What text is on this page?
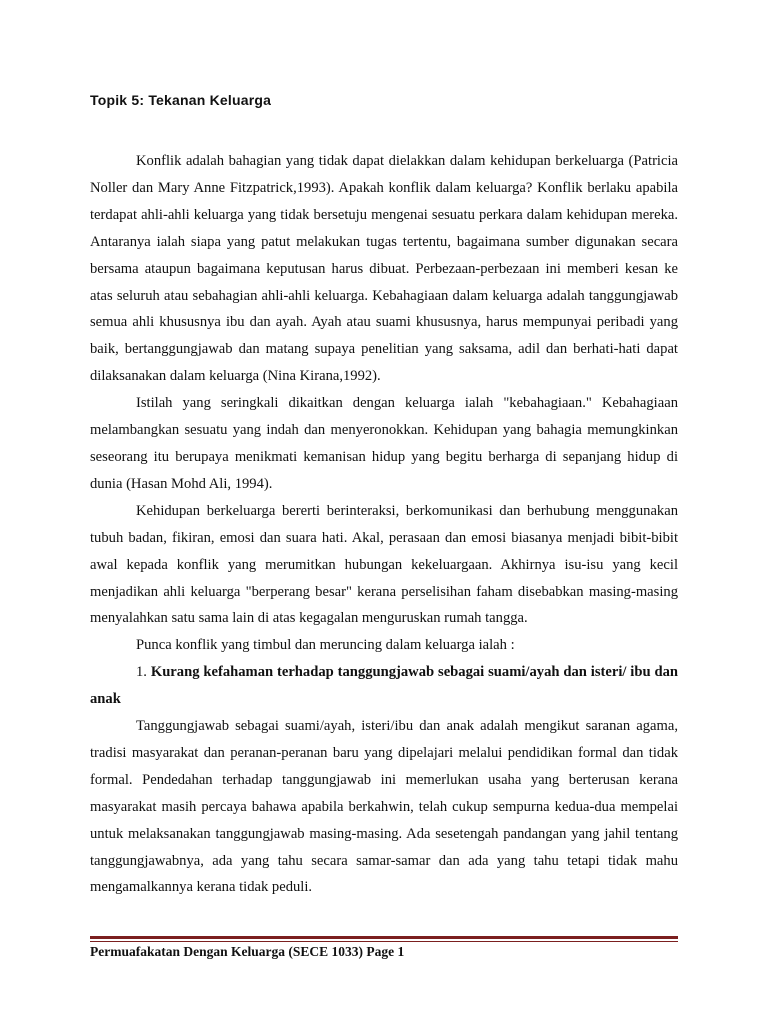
Topik 5: Tekanan Keluarga

Konflik adalah bahagian yang tidak dapat dielakkan dalam kehidupan berkeluarga (Patricia Noller dan Mary Anne Fitzpatrick,1993). Apakah konflik dalam keluarga? Konflik berlaku apabila terdapat ahli-ahli keluarga yang tidak bersetuju mengenai sesuatu perkara dalam kehidupan mereka. Antaranya ialah siapa yang patut melakukan tugas tertentu, bagaimana sumber digunakan secara bersama ataupun bagaimana keputusan harus dibuat. Perbezaan-perbezaan ini memberi kesan ke atas seluruh atau sebahagian ahli-ahli keluarga. Kebahagiaan dalam keluarga adalah tanggungjawab semua ahli khususnya ibu dan ayah. Ayah atau suami khususnya, harus mempunyai peribadi yang baik, bertanggungjawab dan matang supaya penelitian yang saksama, adil dan berhati-hati dapat dilaksanakan dalam keluarga (Nina Kirana,1992).

Istilah yang seringkali dikaitkan dengan keluarga ialah "kebahagiaan." Kebahagiaan melambangkan sesuatu yang indah dan menyeronokkan. Kehidupan yang bahagia memungkinkan seseorang itu berupaya menikmati kemanisan hidup yang begitu berharga di sepanjang hidup di dunia (Hasan Mohd Ali, 1994).

Kehidupan berkeluarga bererti berinteraksi, berkomunikasi dan berhubung menggunakan tubuh badan, fikiran, emosi dan suara hati. Akal, perasaan dan emosi biasanya menjadi bibit-bibit awal kepada konflik yang merumitkan hubungan kekeluargaan. Akhirnya isu-isu yang kecil menjadikan ahli keluarga "berperang besar" kerana perselisihan faham disebabkan masing-masing menyalahkan satu sama lain di atas kegagalan menguruskan rumah tangga.

Punca konflik yang timbul dan meruncing dalam keluarga ialah :

1. Kurang kefahaman terhadap tanggungjawab sebagai suami/ayah dan isteri/ ibu dan anak

Tanggungjawab sebagai suami/ayah, isteri/ibu dan anak adalah mengikut saranan agama, tradisi masyarakat dan peranan-peranan baru yang dipelajari melalui pendidikan formal dan tidak formal. Pendedahan terhadap tanggungjawab ini memerlukan usaha yang berterusan kerana masyarakat masih percaya bahawa apabila berkahwin, telah cukup sempurna kedua-dua mempelai untuk melaksanakan tanggungjawab masing-masing. Ada sesetengah pandangan yang jahil tentang tanggungjawabnya, ada yang tahu secara samar-samar dan ada yang tahu tetapi tidak mahu mengamalkannya kerana tidak peduli.

Permuafakatan Dengan Keluarga (SECE 1033) Page 1
